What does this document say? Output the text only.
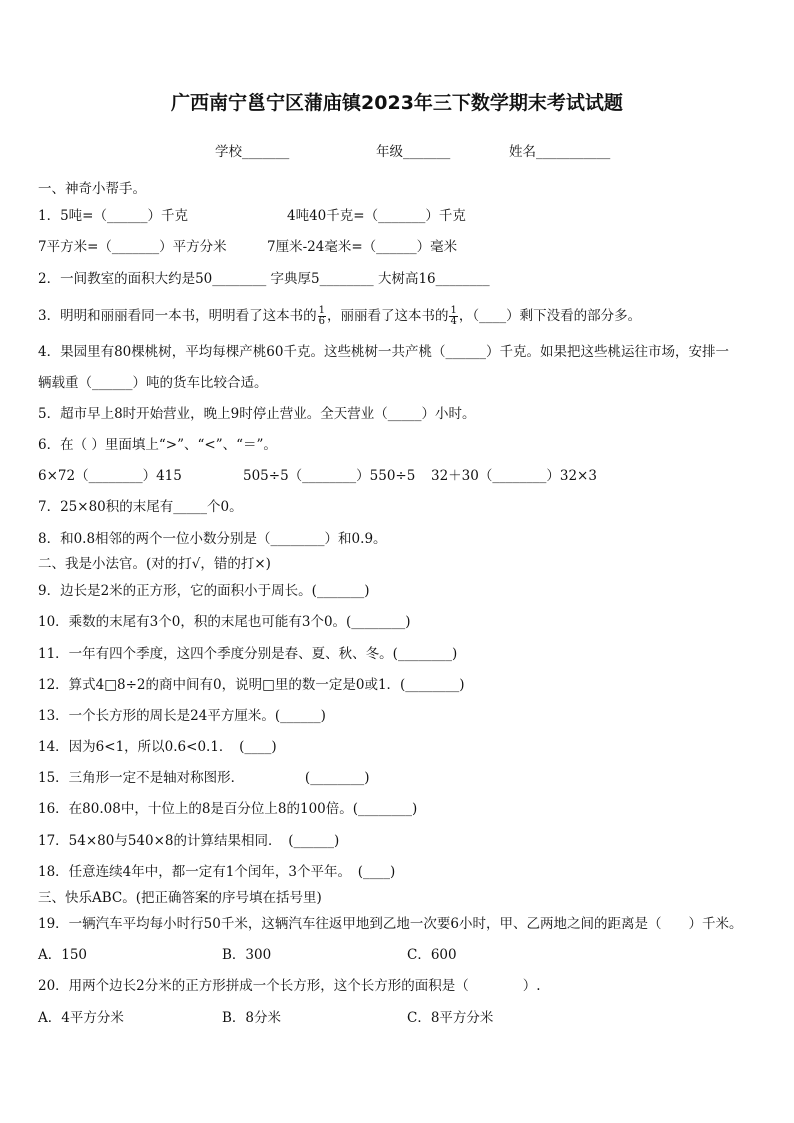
广西南宁邕宁区蒲庙镇2023年三下数学期末考试试题
学校_______	年级_______	姓名___________
一、神奇小帮手。
1．5吨=（______）千克	4吨40千克=（_______）千克
7平方米=（_______）平方分米	7厘米-24毫米=（______）毫米
2．一间教室的面积大约是50________ 字典厚5________ 大树高16________
3．明明和丽丽看同一本书，明明看了这本书的 $\frac{1}{6}$ ，丽丽看了这本书的 $\frac{1}{4}$ ，（____）剩下没看的部分多。
4．果园里有80棵桃树，平均每棵产桃60千克。这些桃树一共产桃（______）千克。如果把这些桃运往市场，安排一
辆载重（______）吨的货车比较合适。
5．超市早上8时开始营业，晚上9时停止营业。全天营业（_____）小时。
6．在（ ）里面填上“>”、“<”、“＝”。
6×72（________）415	505÷5（________）550÷5 32＋30（________）32×3
7．25×80积的末尾有_____个0。
8．和0.8相邻的两个一位小数分别是（________）和0.9。
二、我是小法官。(对的打√，错的打×)
9．边长是2米的正方形，它的面积小于周长。(_______)
10．乘数的末尾有3个0，积的末尾也可能有3个0。(________)
11．一年有四个季度，这四个季度分别是春、夏、秋、冬。(________)
12．算式4□8÷2的商中间有0，说明□里的数一定是0或1．(________)
13．一个长方形的周长是24平方厘米。(______)
14．因为6<1，所以0.6<0.1．　(____)
15．三角形一定不是轴对称图形．　　　　　(________)
16．在80.08中，十位上的8是百分位上8的100倍。(________)
17．54×80与540×8的计算结果相同．　(______)
18．任意连续4年中，都一定有1个闰年，3个平年。　(____)
三、快乐ABC。(把正确答案的序号填在括号里)
19．一辆汽车平均每小时行50千米，这辆汽车往返甲地到乙地一次要6小时，甲、乙两地之间的距离是（　　）千米。
A．150	B．300	C．600
20．用两个边长2分米的正方形拼成一个长方形，这个长方形的面积是（　　　　）.
A．4平方分米	B．8分米	C．8平方分米
